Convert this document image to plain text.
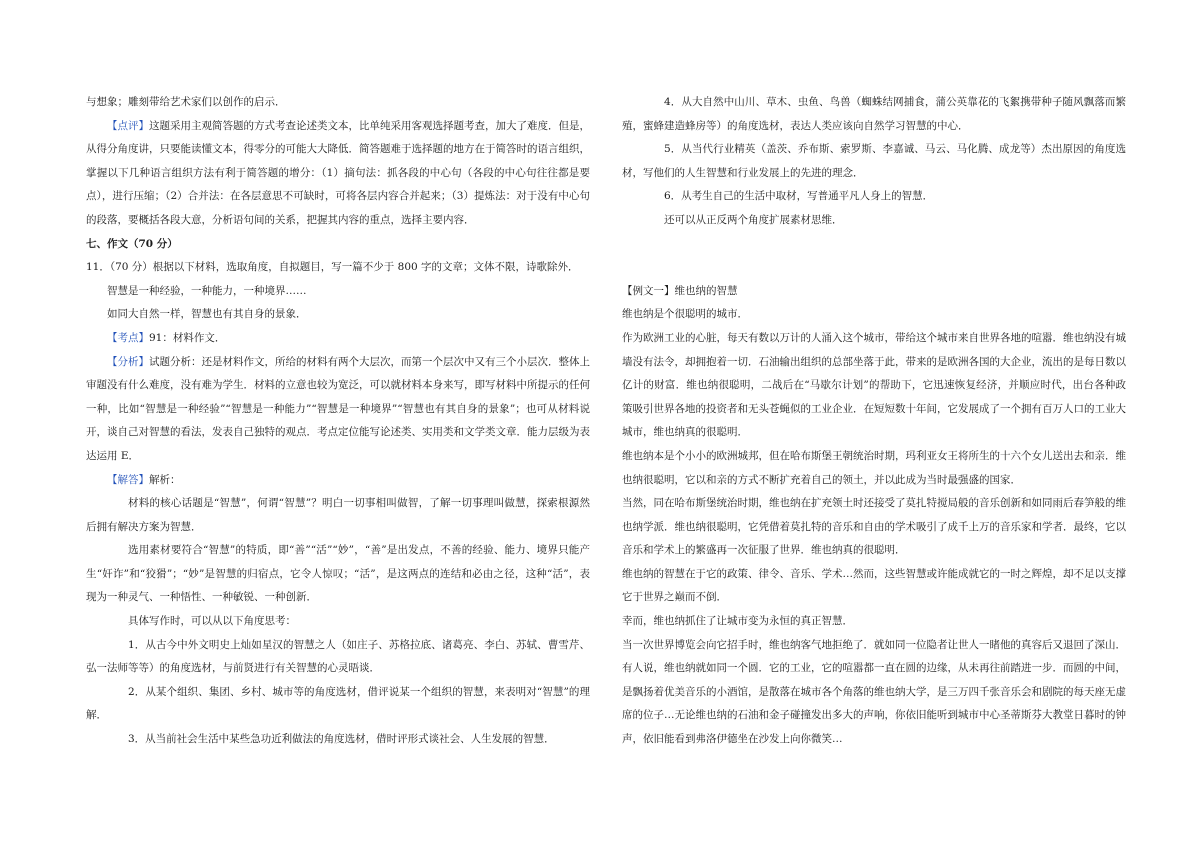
与想象；雕刻带给艺术家们以创作的启示．

【点评】这题采用主观简答题的方式考查论述类文本，比单纯采用客观选择题考查，加大了难度．但是，从得分角度讲，只要能读懂文本，得零分的可能大大降低．简答题难于选择题的地方在于简答时的语言组织，掌握以下几种语言组织方法有利于简答题的增分：（1）摘句法：抓各段的中心句（各段的中心句往往都是要点），进行压缩；（2）合并法：在各层意思不可缺时，可将各层内容合并起来；（3）提炼法：对于没有中心句的段落，要概括各段大意，分析语句间的关系，把握其内容的重点，选择主要内容．

七、作文（70 分）

11．（70 分）根据以下材料，选取角度，自拟题目，写一篇不少于 800 字的文章；文体不限，诗歌除外．

智慧是一种经验，一种能力，一种境界……

如同大自然一样，智慧也有其自身的景象．

【考点】91：材料作文．

【分析】试题分析：还是材料作文，所给的材料有两个大层次，而第一个层次中又有三个小层次．整体上审题没有什么难度，没有难为学生．材料的立意也较为宽泛，可以就材料本身来写，即写材料中所提示的任何一种，比如“智慧是一种经验”“智慧是一种能力”“智慧是一种境界”“智慧也有其自身的景象”；也可从材料说开，谈自己对智慧的看法，发表自己独特的观点．考点定位能写论述类、实用类和文学类文章．能力层级为表达运用 E．

【解答】解析：

材料的核心话题是“智慧”，何谓“智慧”？明白一切事相叫做智，了解一切事理叫做慧，探索根源然后拥有解决方案为智慧．

选用素材要符合“智慧”的特质，即“善”“活”“妙”，“善”是出发点，不善的经验、能力、境界只能产生“奸诈”和“狡猾”；“妙”是智慧的归宿点，它令人惊叹；“活”，是这两点的连结和必由之径，这种“活”，表现为一种灵气、一种悟性、一种敏锐、一种创新．

具体写作时，可以从以下角度思考：

1．从古今中外文明史上灿如星汉的智慧之人（如庄子、苏格拉底、诸葛亮、李白、苏轼、曹雪芹、弘一法师等等）的角度选材，与前贤进行有关智慧的心灵晤谈．

2．从某个组织、集团、乡村、城市等的角度选材，借评说某一个组织的智慧，来表明对“智慧”的理解．

3．从当前社会生活中某些急功近利做法的角度选材，借时评形式谈社会、人生发展的智慧．

4．从大自然中山川、草木、虫鱼、鸟兽（蜘蛛结网捕食，蒲公英靠花的飞絮携带种子随风飘落而繁殖，蜜蜂建造蜂房等）的角度选材，表达人类应该向自然学习智慧的中心．

5．从当代行业精英（盖茨、乔布斯、索罗斯、李嘉诚、马云、马化腾、成龙等）杰出原因的角度选材，写他们的人生智慧和行业发展上的先进的理念．

6．从考生自己的生活中取材，写普通平凡人身上的智慧．

还可以从正反两个角度扩展素材思维．

【例文一】维也纳的智慧

维也纳是个很聪明的城市．

作为欧洲工业的心脏，每天有数以万计的人涌入这个城市，带给这个城市来自世界各地的喧嚣．维也纳没有城墙没有法令，却拥抱着一切．石油输出组织的总部坐落于此，带来的是欧洲各国的大企业，流出的是每日数以亿计的财富．维也纳很聪明，二战后在“马歇尔计划”的帮助下，它迅速恢复经济，并顺应时代，出台各种政策吸引世界各地的投资者和无头苍蝇似的工业企业．在短短数十年间，它发展成了一个拥有百万人口的工业大城市，维也纳真的很聪明．

维也纳本是个小小的欧洲城邦，但在哈布斯堡王朝统治时期，玛利亚女王将所生的十六个女儿送出去和亲．维也纳很聪明，它以和亲的方式不断扩充着自己的领土，并以此成为当时最强盛的国家．

当然，同在哈布斯堡统治时期，维也纳在扩充领土时还接受了莫扎特搅局般的音乐创新和如同雨后春笋般的维也纳学派．维也纳很聪明，它凭借着莫扎特的音乐和自由的学术吸引了成千上万的音乐家和学者．最终，它以音乐和学术上的繁盛再一次征服了世界．维也纳真的很聪明．

维也纳的智慧在于它的政策、律令、音乐、学术…然而，这些智慧或许能成就它的一时之辉煌，却不足以支撑它于世界之巅而不倒．

幸而，维也纳抓住了让城市变为永恒的真正智慧．

当一次世界博览会向它招手时，维也纳客气地拒绝了．就如同一位隐者让世人一睹他的真容后又退回了深山．

有人说，维也纳就如同一个圆．它的工业，它的喧嚣都一直在圆的边缘，从未再往前踏进一步．而圆的中间，是飘扬着优美音乐的小酒馆，是散落在城市各个角落的维也纳大学，是三万四千张音乐会和剧院的每天座无虚席的位子…无论维也纳的石油和金子碰撞发出多大的声响，你依旧能听到城市中心圣蒂斯芬大教堂日暮时的钟声，依旧能看到弗洛伊德坐在沙发上向你微笑…
